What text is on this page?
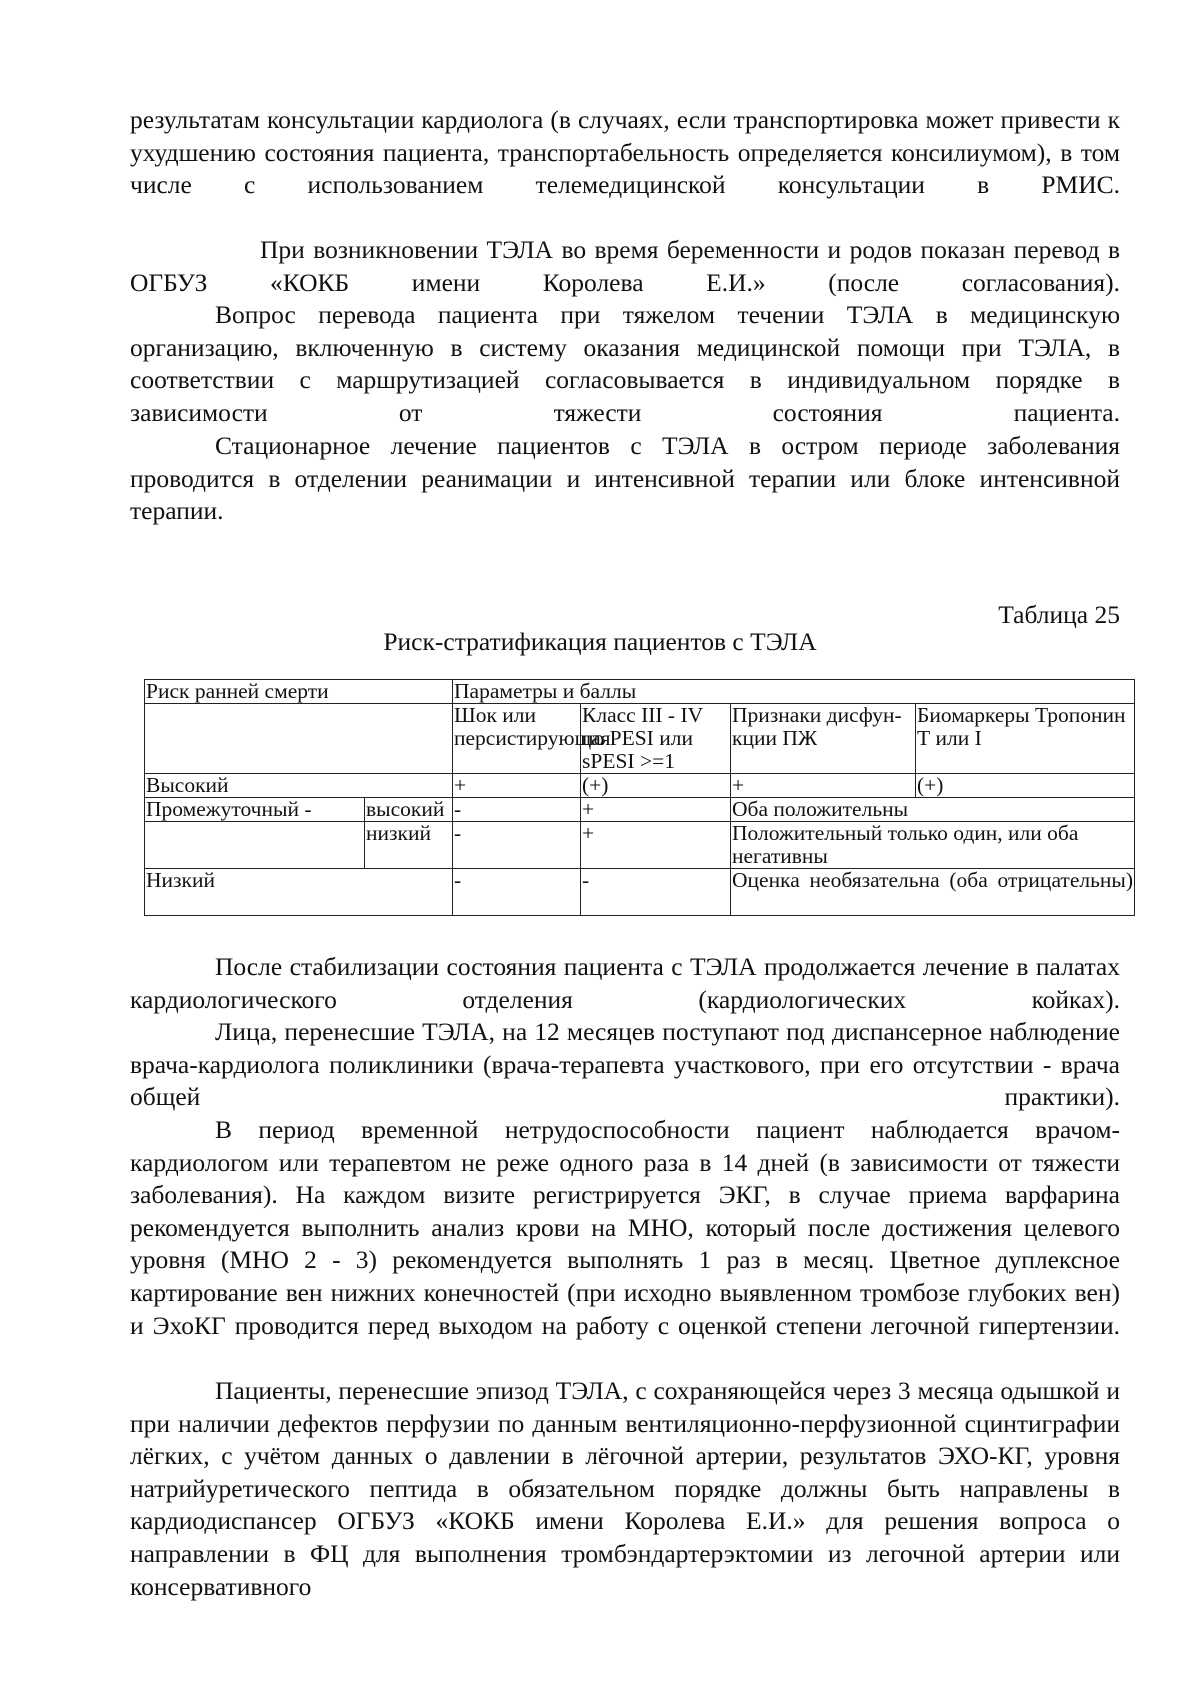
результатам консультации кардиолога (в случаях, если транспортировка может привести к ухудшению состояния пациента, транспортабельность определяется консилиумом), в том числе с использованием телемедицинской консультации в РМИС.

При возникновении ТЭЛА во время беременности и родов показан перевод в ОГБУЗ «КОКБ имени Королева Е.И.» (после согласования).

Вопрос перевода пациента при тяжелом течении ТЭЛА в медицинскую организацию, включенную в систему оказания медицинской помощи при ТЭЛА, в соответствии с маршрутизацией согласовывается в индивидуальном порядке в зависимости от тяжести состояния пациента.

Стационарное лечение пациентов с ТЭЛА в остром периоде заболевания проводится в отделении реанимации и интенсивной терапии или блоке интенсивной терапии.

Таблица 25
Риск-стратификация пациентов с ТЭЛА
Риск ранней смерти		Параметры и баллы			
		Шок или персистирующая	Класс III - IV по PESI или sPESI >=1	Признаки дисфун-кции ПЖ	Биомаркеры Тропонин Т или I
Высокий		+	(+)	+	(+)
Промежуточный -	высокий	-	+	Оба положительны	
	низкий	-	+	Положительный только один, или оба негативны	
Низкий		-	-	Оценка необязательна (оба отрицательны)	

После стабилизации состояния пациента с ТЭЛА продолжается лечение в палатах кардиологического отделения (кардиологических койках).

Лица, перенесшие ТЭЛА, на 12 месяцев поступают под диспансерное наблюдение врача-кардиолога поликлиники (врача-терапевта участкового, при его отсутствии - врача общей практики).

В период временной нетрудоспособности пациент наблюдается врачом-кардиологом или терапевтом не реже одного раза в 14 дней (в зависимости от тяжести заболевания). На каждом визите регистрируется ЭКГ, в случае приема варфарина рекомендуется выполнить анализ крови на МНО, который после достижения целевого уровня (МНО 2 - 3) рекомендуется выполнять 1 раз в месяц. Цветное дуплексное картирование вен нижних конечностей (при исходно выявленном тромбозе глубоких вен) и ЭхоКГ проводится перед выходом на работу с оценкой степени легочной гипертензии.

Пациенты, перенесшие эпизод ТЭЛА, с сохраняющейся через 3 месяца одышкой и при наличии дефектов перфузии по данным вентиляционно-перфузионной сцинтиграфии лёгких, с учётом данных о давлении в лёгочной артерии, результатов ЭХО-КГ, уровня натрийуретического пептида в обязательном порядке должны быть направлены в кардиодиспансер ОГБУЗ «КОКБ имени Королева Е.И.» для решения вопроса о направлении в ФЦ для выполнения тромбэндартерэктомии из легочной артерии или консервативного
